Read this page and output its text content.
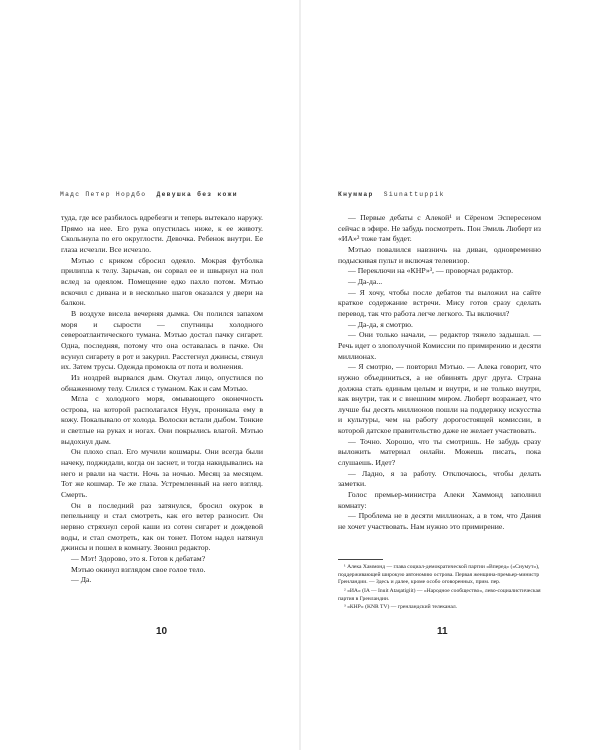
Мадс Петер Нордбо Девушка без кожи

туда, где все разбилось вдребезги и теперь вытекало наружу. Прямо на нее. Его рука опустилась ниже, к ее животу. Скользнула по его округлости. Девочка. Ребенок внутри. Ее глаза исчезли. Все исчезло.

Мэтью с криком сбросил одеяло. Мокрая футболка прилипла к телу. Зарычав, он сорвал ее и швырнул на пол вслед за одеялом. Помещение едко пахло потом. Мэтью вскочил с дивана и в несколько шагов оказался у двери на балкон.

В воздухе висела вечерняя дымка. Он полился запахом моря и сырости — спутницы холодного североатлантического тумана. Мэтью достал пачку сигарет. Одна, последняя, потому что она оставалась в пачке. Он всунул сигарету в рот и закурил. Расстегнул джинсы, стянул их. Затем трусы. Одежда промокла от пота и волнения.

Из ноздрей вырвался дым. Окутал лицо, опустился по обнаженному телу. Слился с туманом. Как и сам Мэтью.

Мгла с холодного моря, омывающего оконечность острова, на которой располагался Нуук, проникала ему в кожу. Покалывало от холода. Волоски встали дыбом. Тонкие и светлые на руках и ногах. Они покрылись влагой. Мэтью выдохнул дым.

Он плохо спал. Его мучили кошмары. Они всегда были начеку, поджидали, когда он заснет, и тогда накидывались на него и рвали на части. Ночь за ночью. Месяц за месяцем. Тот же кошмар. Те же глаза. Устремленный на него взгляд. Смерть.

Он в последний раз затянулся, бросил окурок в пепельницу и стал смотреть, как его ветер разносит. Он нервно стряхнул серой каши из сотен сигарет и дождевой воды, и стал смотреть, как он тонет. Потом надел натянул джинсы и пошел в комнату. Звонил редактор.

— Мэт! Здорово, это я. Готов к дебатам?

Мэтью окинул взглядом свое голое тело.

— Да.

10
Кнуммар Siunattuppik

— Первые дебаты с Алекой¹ и Сёреном Эспересеном сейчас в эфире. Не забудь посмотреть. Пон Эмиль Люберт из «ИА»² тоже там будет.

Мэтью повалился навзничь на диван, одновременно подыскивая пульт и включая телевизор.

— Переключи на «КНР»³, — проворчал редактор.

— Да-да...

— Я хочу, чтобы после дебатов ты выложил на сайте краткое содержание встречи. Мису готов сразу сделать перевод, так что работа легче легкого. Ты включил?

— Да-да, я смотрю.

— Они только начали, — редактор тяжело задышал. — Речь идет о злополучной Комиссии по примирению и десяти миллионах.

— Я смотрю, — повторил Мэтью. — Алека говорит, что нужно объединиться, а не обвинять друг друга. Страна должна стать единым целым и внутри, и не только внутри, как внутри, так и с внешним миром. Люберт возражает, что лучше бы десять миллионов пошли на поддержку искусства и культуры, чем на работу дорогостоящей комиссии, в которой датское правительство даже не желает участвовать.

— Точно. Хорошо, что ты смотришь. Не забудь сразу выложить материал онлайн. Можешь писать, пока слушаешь. Идет?

— Ладно, я за работу. Отключаюсь, чтобы делать заметки.

Голос премьер-министра Алеки Хаммонд заполнил комнату:

— Проблема не в десяти миллионах, а в том, что Дания не хочет участвовать. Нам нужно это примирение.

¹ Алека Хаммонд — глава социал-демократической партии «Вперед» («Сиумут»), поддерживающей широкую автономию острова. Первая женщина-премьер-министр Гренландии. — Здесь и далее, кроме особо оговоренных, прим. пер.

² «ИА» (IA — Inuit Ataqatigiit) — «Народное сообщество», лево-социалистическая партия в Гренландии.

³ «КНР» (KNR TV) — гренландский телеканал.

11
